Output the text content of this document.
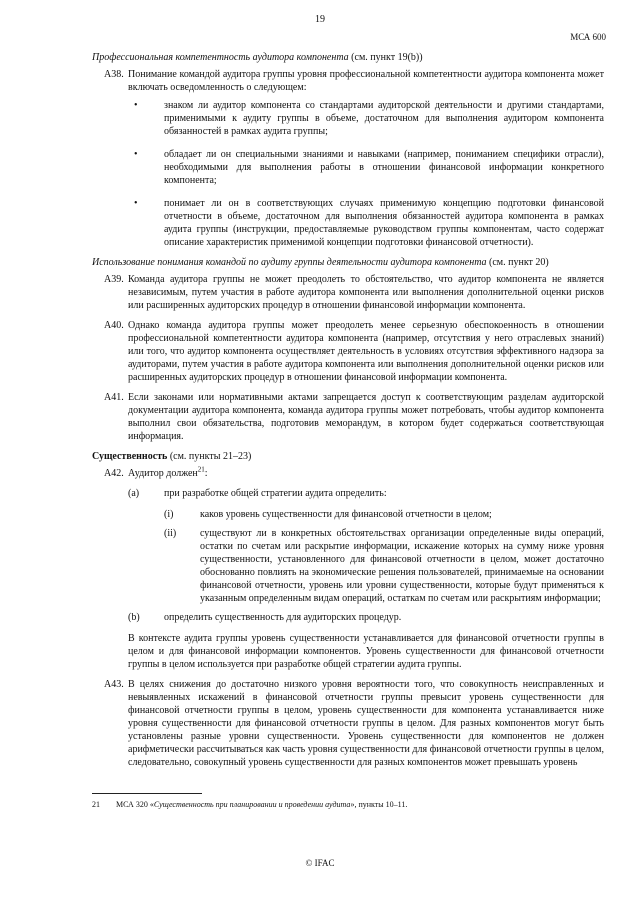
19
МСА 600
Профессиональная компетентность аудитора компонента (см. пункт 19(b))
A38. Понимание командой аудитора группы уровня профессиональной компетентности аудитора компонента может включать осведомленность о следующем:
•	знаком ли аудитор компонента со стандартами аудиторской деятельности и другими стандартами, применимыми к аудиту группы в объеме, достаточном для выполнения аудитором компонента обязанностей в рамках аудита группы;
•	обладает ли он специальными знаниями и навыками (например, пониманием специфики отрасли), необходимыми для выполнения работы в отношении финансовой информации конкретного компонента;
•	понимает ли он в соответствующих случаях применимую концепцию подготовки финансовой отчетности в объеме, достаточном для выполнения обязанностей аудитора компонента в рамках аудита группы (инструкции, предоставляемые руководством группы компонентам, часто содержат описание характеристик применимой концепции подготовки финансовой отчетности).
Использование понимания командой по аудиту группы деятельности аудитора компонента (см. пункт 20)
A39. Команда аудитора группы не может преодолеть то обстоятельство, что аудитор компонента не является независимым, путем участия в работе аудитора компонента или выполнения дополнительной оценки рисков или расширенных аудиторских процедур в отношении финансовой информации компонента.
A40. Однако команда аудитора группы может преодолеть менее серьезную обеспокоенность в отношении профессиональной компетентности аудитора компонента (например, отсутствия у него отраслевых знаний) или того, что аудитор компонента осуществляет деятельность в условиях отсутствия эффективного надзора за аудиторами, путем участия в работе аудитора компонента или выполнения дополнительной оценки рисков или расширенных аудиторских процедур в отношении финансовой информации компонента.
A41. Если законами или нормативными актами запрещается доступ к соответствующим разделам аудиторской документации аудитора компонента, команда аудитора группы может потребовать, чтобы аудитор компонента выполнил свои обязательства, подготовив меморандум, в котором будет содержаться соответствующая информация.
Существенность (см. пункты 21–23)
A42. Аудитор должен$^{21}$:
(a) при разработке общей стратегии аудита определить:
(i)	каков уровень существенности для финансовой отчетности в целом;
(ii) существуют ли в конкретных обстоятельствах организации определенные виды операций, остатки по счетам или раскрытие информации, искажение которых на сумму ниже уровня существенности, установленного для финансовой отчетности в целом, может достаточно обоснованно повлиять на экономические решения пользователей, принимаемые на основании финансовой отчетности, уровень или уровни существенности, которые будут применяться к указанным определенным видам операций, остаткам по счетам или раскрытиям информации;
(b) определить существенность для аудиторских процедур.
В контексте аудита группы уровень существенности устанавливается для финансовой отчетности группы в целом и для финансовой информации компонентов. Уровень существенности для финансовой отчетности группы в целом используется при разработке общей стратегии аудита группы.
A43. В целях снижения до достаточно низкого уровня вероятности того, что совокупность неисправленных и невыявленных искажений в финансовой отчетности группы превысит уровень существенности для финансовой отчетности группы в целом, уровень существенности для компонента устанавливается ниже уровня существенности для финансовой отчетности группы в целом. Для разных компонентов могут быть установлены разные уровни существенности. Уровень существенности для компонентов не должен арифметически рассчитываться как часть уровня существенности для финансовой отчетности группы в целом, следовательно, совокупный уровень существенности для разных компонентов может превышать уровень
21	МСА 320 «Существенность при планировании и проведении аудита», пункты 10–11.
© IFAC
